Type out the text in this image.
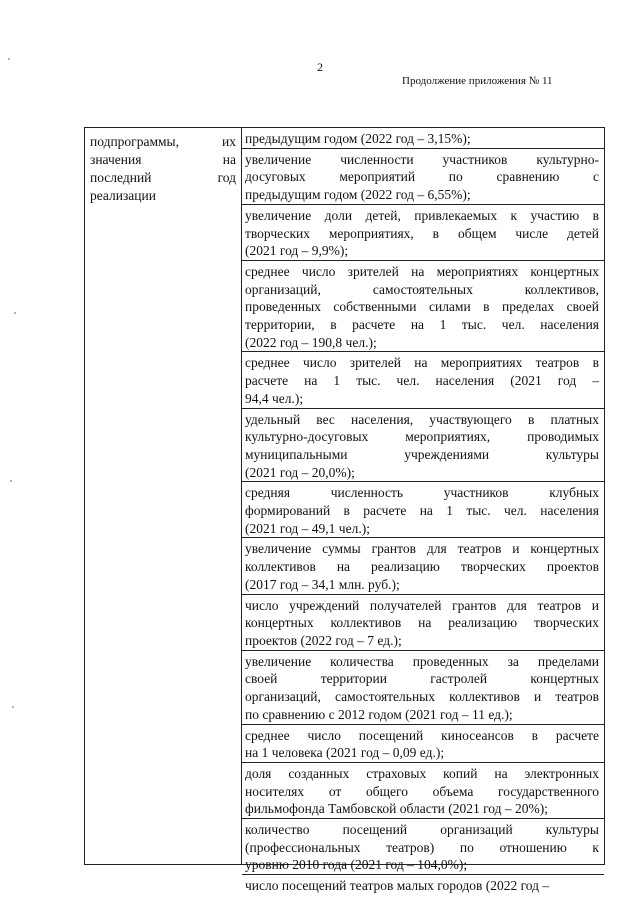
2
Продолжение приложения № 11
подпрограммы,	их
значения	на
последний	год
реализации
предыдущим годом (2022 год – 3,15%);
увеличение численности участников культурно-
досуговых мероприятий по сравнению с
предыдущим годом (2022 год – 6,55%);
увеличение доли детей, привлекаемых к участию в
творческих мероприятиях, в общем числе детей
(2021 год – 9,9%);
среднее число зрителей на мероприятиях концертных
организаций, самостоятельных коллективов,
проведенных собственными силами в пределах своей
территории, в расчете на 1 тыс. чел. населения
(2022 год – 190,8 чел.);
среднее число зрителей на мероприятиях театров в
расчете на 1 тыс. чел. населения (2021 год –
94,4 чел.);
удельный вес населения, участвующего в платных
культурно-досуговых мероприятиях, проводимых
муниципальными учреждениями культуры
(2021 год – 20,0%);
средняя численность участников клубных
формирований в расчете на 1 тыс. чел. населения
(2021 год – 49,1 чел.);
увеличение суммы грантов для театров и концертных
коллективов на реализацию творческих проектов
(2017 год – 34,1 млн. руб.);
число учреждений получателей грантов для театров и
концертных коллективов на реализацию творческих
проектов (2022 год – 7 ед.);
увеличение количества проведенных за пределами
своей территории гастролей концертных
организаций, самостоятельных коллективов и театров
по сравнению с 2012 годом (2021 год – 11 ед.);
среднее число посещений киносеансов в расчете
на 1 человека (2021 год – 0,09 ед.);
доля созданных страховых копий на электронных
носителях от общего объема государственного
фильмофонда Тамбовской области (2021 год – 20%);
количество посещений организаций культуры
(профессиональных театров) по отношению к
уровню 2010 года (2021 год – 104,0%);
число посещений театров малых городов (2022 год –
